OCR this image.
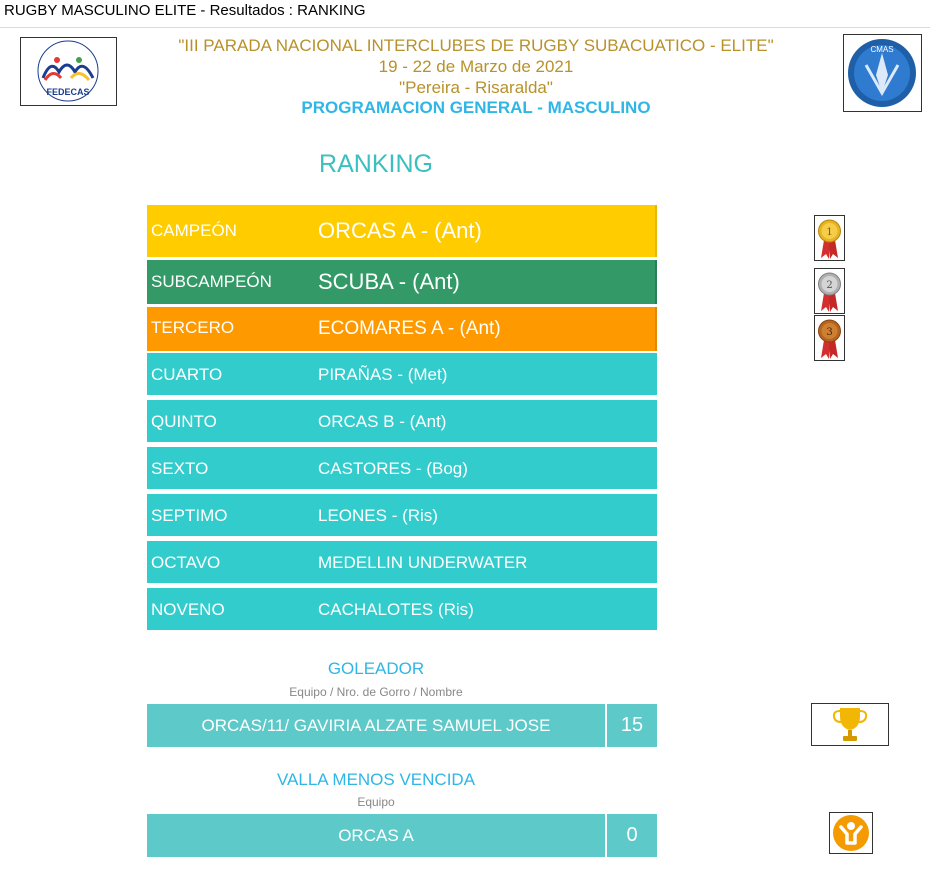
RUGBY MASCULINO ELITE - Resultados : RANKING
FEDECAS
"III PARADA NACIONAL INTERCLUBES DE RUGBY SUBACUATICO - ELITE"
19 - 22 de Marzo de 2021
"Pereira - Risaralda"
PROGRAMACION GENERAL - MASCULINO
CMAS
RANKING
CAMPEÓN	ORCAS A - (Ant)
SUBCAMPEÓN SCUBA - (Ant)
TERCERO	ECOMARES A - (Ant)
CUARTO	PIRAÑAS - (Met)
QUINTO	ORCAS B - (Ant)
SEXTO	CASTORES - (Bog)
SEPTIMO	LEONES - (Ris)
OCTAVO	MEDELLIN UNDERWATER
NOVENO	CACHALOTES (Ris)
1
2
3
GOLEADOR
Equipo / Nro. de Gorro / Nombre
ORCAS/11/ GAVIRIA ALZATE SAMUEL JOSE	15
VALLA MENOS VENCIDA
Equipo
ORCAS A	0
